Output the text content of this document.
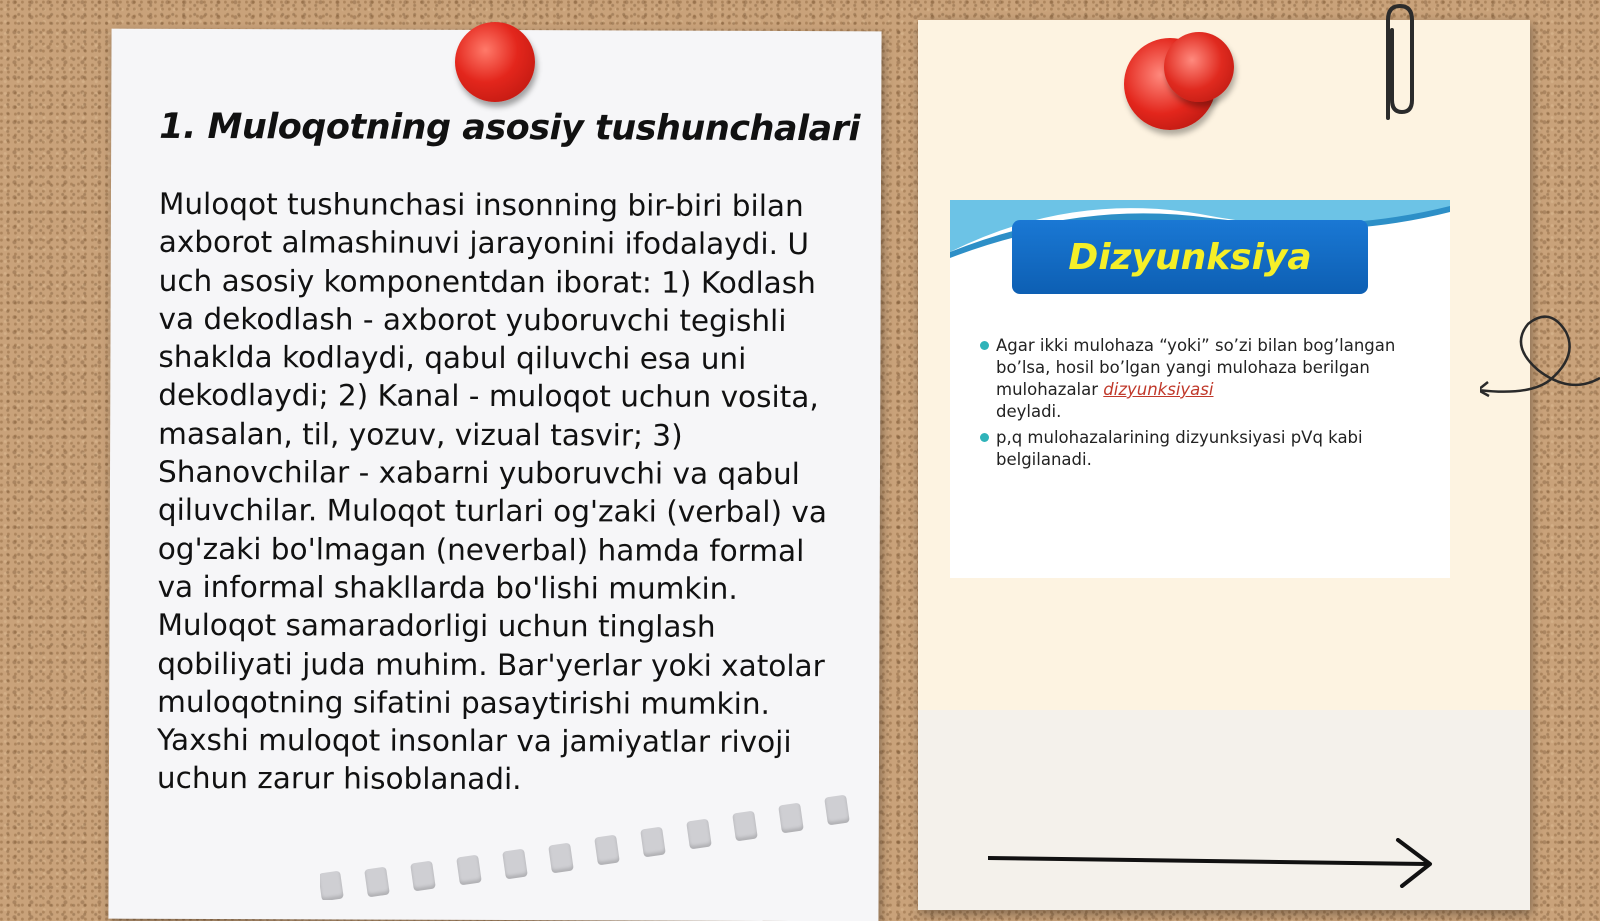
1. Muloqotning asosiy tushunchalari

Muloqot tushunchasi insonning bir-biri bilan axborot almashinuvi jarayonini ifodalaydi. U uch asosiy komponentdan iborat: 1) Kodlash va dekodlash - axborot yuboruvchi tegishli shaklda kodlaydi, qabul qiluvchi esa uni dekodlaydi; 2) Kanal - muloqot uchun vosita, masalan, til, yozuv, vizual tasvir; 3) Shanovchilar - xabarni yuboruvchi va qabul qiluvchilar. Muloqot turlari og'zaki (verbal) va og'zaki bo'lmagan (neverbal) hamda formal va informal shakllarda bo'lishi mumkin. Muloqot samaradorligi uchun tinglash qobiliyati juda muhim. Bar'yerlar yoki xatolar muloqotning sifatini pasaytirishi mumkin. Yaxshi muloqot insonlar va jamiyatlar rivoji uchun zarur hisoblanadi.

Dizyunksiya
Agar ikki mulohaza “yoki” so’zi bilan bog’langan bo’lsa, hosil bo’lgan yangi mulohaza berilgan mulohazalar dizyunksiyasi
deyladi.
p,q mulohazalarining dizyunksiyasi pVq kabi belgilanadi.
